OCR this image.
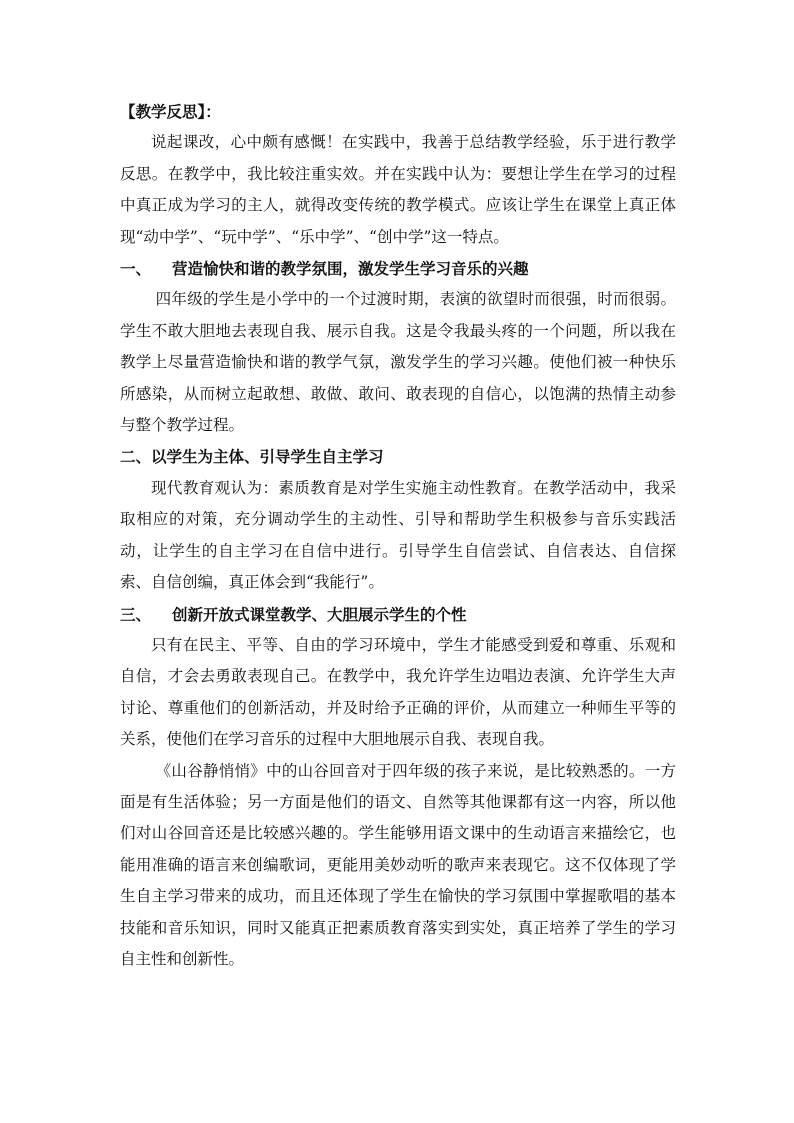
【教学反思】：

说起课改，心中颇有感慨！在实践中，我善于总结教学经验，乐于进行教学反思。在教学中，我比较注重实效。并在实践中认为：要想让学生在学习的过程中真正成为学习的主人，就得改变传统的教学模式。应该让学生在课堂上真正体现“动中学”、“玩中学”、“乐中学”、“创中学”这一特点。

一、 营造愉快和谐的教学氛围，激发学生学习音乐的兴趣

四年级的学生是小学中的一个过渡时期，表演的欲望时而很强，时而很弱。学生不敢大胆地去表现自我、展示自我。这是令我最头疼的一个问题，所以我在教学上尽量营造愉快和谐的教学气氛，激发学生的学习兴趣。使他们被一种快乐所感染，从而树立起敢想、敢做、敢问、敢表现的自信心，以饱满的热情主动参与整个教学过程。

二、以学生为主体、引导学生自主学习

现代教育观认为：素质教育是对学生实施主动性教育。在教学活动中，我采取相应的对策，充分调动学生的主动性、引导和帮助学生积极参与音乐实践活动，让学生的自主学习在自信中进行。引导学生自信尝试、自信表达、自信探索、自信创编，真正体会到“我能行”。

三、 创新开放式课堂教学、大胆展示学生的个性

只有在民主、平等、自由的学习环境中，学生才能感受到爱和尊重、乐观和自信，才会去勇敢表现自己。在教学中，我允许学生边唱边表演、允许学生大声讨论、尊重他们的创新活动，并及时给予正确的评价，从而建立一种师生平等的关系，使他们在学习音乐的过程中大胆地展示自我、表现自我。

《山谷静悄悄》中的山谷回音对于四年级的孩子来说，是比较熟悉的。一方面是有生活体验；另一方面是他们的语文、自然等其他课都有这一内容，所以他们对山谷回音还是比较感兴趣的。学生能够用语文课中的生动语言来描绘它，也能用准确的语言来创编歌词，更能用美妙动听的歌声来表现它。这不仅体现了学生自主学习带来的成功，而且还体现了学生在愉快的学习氛围中掌握歌唱的基本技能和音乐知识，同时又能真正把素质教育落实到实处，真正培养了学生的学习自主性和创新性。
